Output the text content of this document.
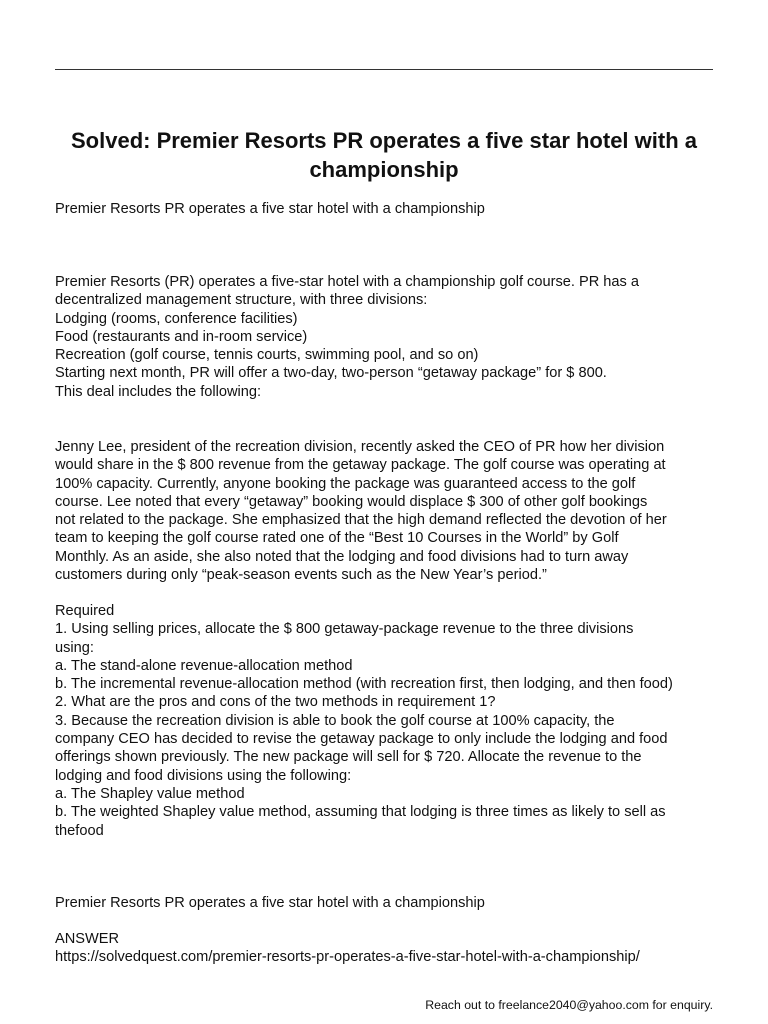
Solved: Premier Resorts PR operates a five star hotel with a championship

Premier Resorts PR operates a five star hotel with a championship

Premier Resorts (PR) operates a five-star hotel with a championship golf course. PR has a

decentralized management structure, with three divisions:

Lodging (rooms, conference facilities)

Food (restaurants and in-room service)

Recreation (golf course, tennis courts, swimming pool, and so on)

Starting next month, PR will offer a two-day, two-person “getaway package” for $ 800.

This deal includes the following:

Jenny Lee, president of the recreation division, recently asked the CEO of PR how her division

would share in the $ 800 revenue from the getaway package. The golf course was operating at

100% capacity. Currently, anyone booking the package was guaranteed access to the golf

course. Lee noted that every “getaway” booking would displace $ 300 of other golf bookings

not related to the package. She emphasized that the high demand reflected the devotion of her

team to keeping the golf course rated one of the “Best 10 Courses in the World” by Golf

Monthly. As an aside, she also noted that the lodging and food divisions had to turn away

customers during only “peak-season events such as the New Year’s period.”

Required

1. Using selling prices, allocate the $ 800 getaway-package revenue to the three divisions

using:

a. The stand-alone revenue-allocation method

b. The incremental revenue-allocation method (with recreation first, then lodging, and then food)

2. What are the pros and cons of the two methods in requirement 1?

3. Because the recreation division is able to book the golf course at 100% capacity, the

company CEO has decided to revise the getaway package to only include the lodging and food

offerings shown previously. The new package will sell for $ 720. Allocate the revenue to the

lodging and food divisions using the following:

a. The Shapley value method

b. The weighted Shapley value method, assuming that lodging is three times as likely to sell as

thefood

Premier Resorts PR operates a five star hotel with a championship

ANSWER

https://solvedquest.com/premier-resorts-pr-operates-a-five-star-hotel-with-a-championship/

Reach out to freelance2040@yahoo.com for enquiry.
